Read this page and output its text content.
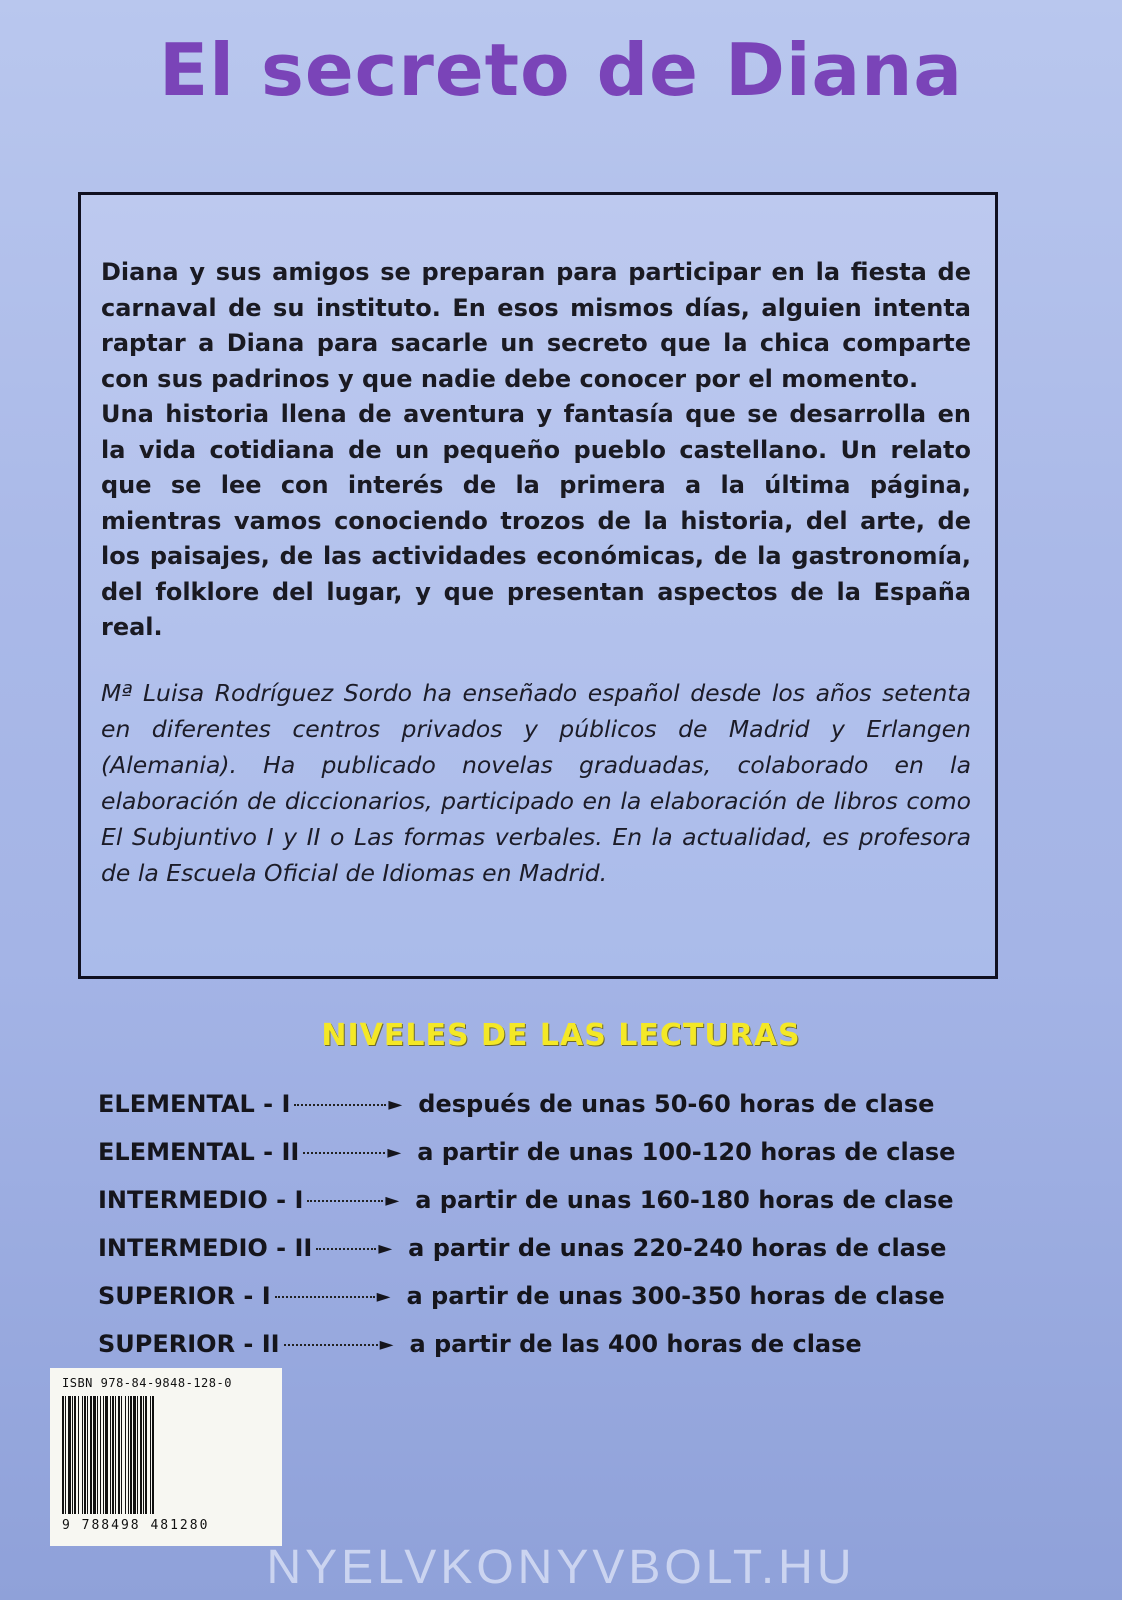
El secreto de Diana

Diana y sus amigos se preparan para participar en la fiesta de carnaval de su instituto. En esos mismos días, alguien intenta raptar a Diana para sacarle un secreto que la chica comparte con sus padrinos y que nadie debe conocer por el momento.

Una historia llena de aventura y fantasía que se desarrolla en la vida cotidiana de un pequeño pueblo castellano. Un relato que se lee con interés de la primera a la última página, mientras vamos conociendo trozos de la historia, del arte, de los paisajes, de las actividades económicas, de la gastronomía, del folklore del lugar, y que presentan aspectos de la España real.

Mª Luisa Rodríguez Sordo ha enseñado español desde los años setenta en diferentes centros privados y públicos de Madrid y Erlangen (Alemania). Ha publicado novelas graduadas, colaborado en la elaboración de diccionarios, participado en la elaboración de libros como El Subjuntivo I y II o Las formas verbales. En la actualidad, es profesora de la Escuela Oficial de Idiomas en Madrid.

NIVELES DE LAS LECTURAS
ELEMENTAL - I	► después de unas 50-60 horas de clase
ELEMENTAL - II	► a partir de unas 100-120 horas de clase
INTERMEDIO - I	► a partir de unas 160-180 horas de clase
INTERMEDIO - II	► a partir de unas 220-240 horas de clase
SUPERIOR - I	► a partir de unas 300-350 horas de clase
SUPERIOR - II	► a partir de las 400 horas de clase
ISBN 978-84-9848-128-0
9 788498 481280
NYELVKONYVBOLT.HU
